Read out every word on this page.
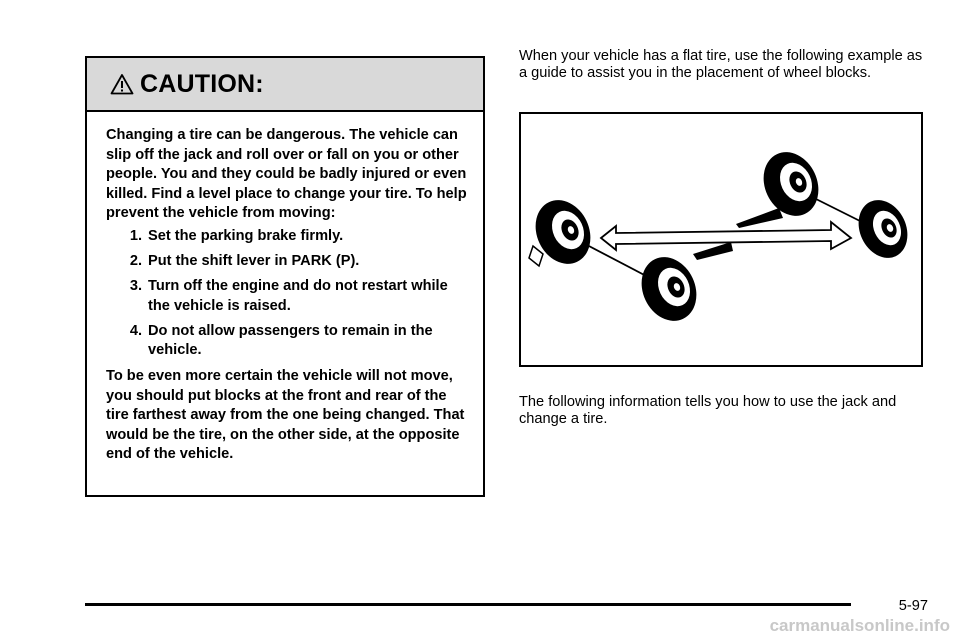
CAUTION:

Changing a tire can be dangerous. The vehicle can slip off the jack and roll over or fall on you or other people. You and they could be badly injured or even killed. Find a level place to change your tire. To help prevent the vehicle from moving:

1. Set the parking brake firmly.
2. Put the shift lever in PARK (P).
3. Turn off the engine and do not restart while the vehicle is raised.
4. Do not allow passengers to remain in the vehicle.

To be even more certain the vehicle will not move, you should put blocks at the front and rear of the tire farthest away from the one being changed. That would be the tire, on the other side, at the opposite end of the vehicle.

When your vehicle has a flat tire, use the following example as a guide to assist you in the placement of wheel blocks.

The following information tells you how to use the jack and change a tire.

5-97
carmanualsonline.info
